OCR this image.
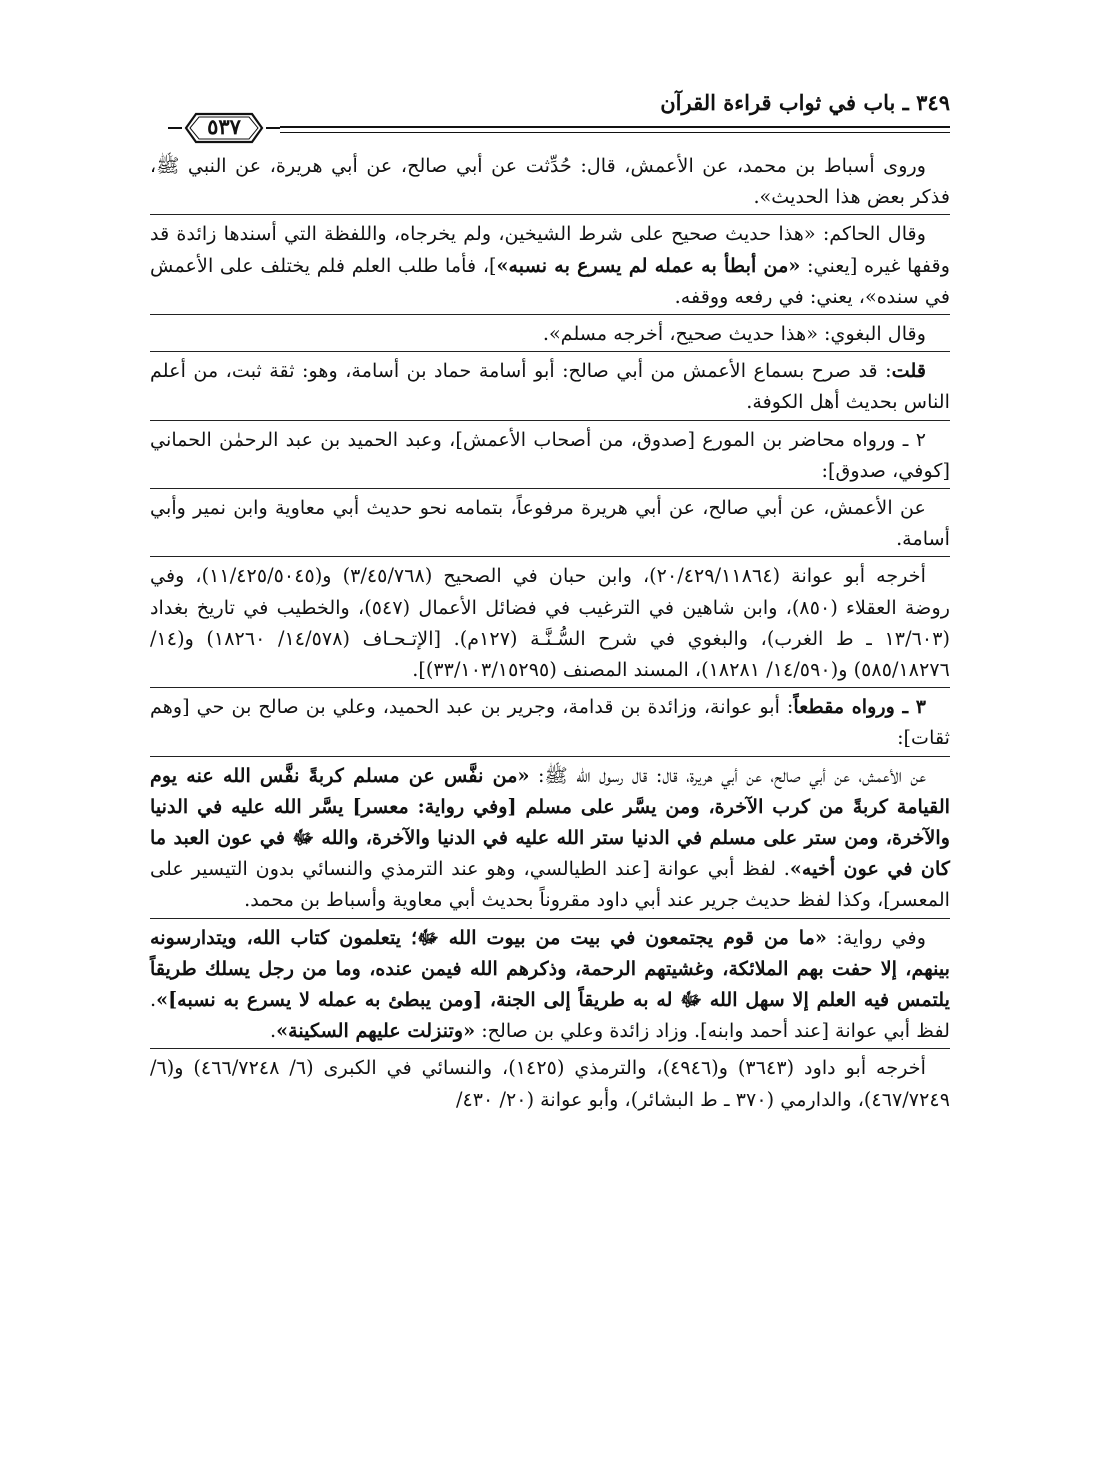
٣٤٩ ـ باب في ثواب قراءة القرآن
٥٣٧

وروى أسباط بن محمد، عن الأعمش، قال: حُدِّثت عن أبي صالح، عن أبي هريرة، عن النبي ﷺ، فذكر بعض هذا الحديث».

وقال الحاكم: «هذا حديث صحيح على شرط الشيخين، ولم يخرجاه، واللفظة التي أسندها زائدة قد وقفها غيره [يعني: «من أبطأ به عمله لم يسرع به نسبه»]، فأما طلب العلم فلم يختلف على الأعمش في سنده»، يعني: في رفعه ووقفه.

وقال البغوي: «هذا حديث صحيح، أخرجه مسلم».

قلت: قد صرح بسماع الأعمش من أبي صالح: أبو أسامة حماد بن أسامة، وهو: ثقة ثبت، من أعلم الناس بحديث أهل الكوفة.

٢ ـ ورواه محاضر بن المورع [صدوق، من أصحاب الأعمش]، وعبد الحميد بن عبد الرحمٰن الحماني [كوفي، صدوق]:

عن الأعمش، عن أبي صالح، عن أبي هريرة مرفوعاً، بتمامه نحو حديث أبي معاوية وابن نمير وأبي أسامة.

أخرجه أبو عوانة (٢٠/٤٢٩/١١٨٦٤)، وابن حبان في الصحيح (٣/٤٥/٧٦٨) و(١١/٤٢٥/٥٠٤٥)، وفي روضة العقلاء (٨٥٠)، وابن شاهين في الترغيب في فضائل الأعمال (٥٤٧)، والخطيب في تاريخ بغداد (١٣/٦٠٣ ـ ط الغرب)، والبغوي في شرح السُّـنَّـة (١٢٧م). [الإتـحـاف (١٤/٥٧٨/ ١٨٢٦٠) و(١٤/ ٥٨٥/١٨٢٧٦) و(١٤/٥٩٠/ ١٨٢٨١)، المسند المصنف (٣٣/١٠٣/١٥٢٩٥)].

٣ ـ ورواه مقطعاً: أبو عوانة، وزائدة بن قدامة، وجرير بن عبد الحميد، وعلي بن صالح بن حي [وهم ثقات]:

عن الأعمش، عن أبي صالح، عن أبي هريرة، قال: قال رسول الله ﷺ: «من نفَّس عن مسلم كربةً نفَّس الله عنه يوم القيامة كربةً من كرب الآخرة، ومن يسَّر على مسلم [وفي رواية: معسر] يسَّر الله عليه في الدنيا والآخرة، ومن ستر على مسلم في الدنيا ستر الله عليه في الدنيا والآخرة، والله ﷻ في عون العبد ما كان في عون أخيه». لفظ أبي عوانة [عند الطيالسي، وهو عند الترمذي والنسائي بدون التيسير على المعسر]، وكذا لفظ حديث جرير عند أبي داود مقروناً بحديث أبي معاوية وأسباط بن محمد.

وفي رواية: «ما من قوم يجتمعون في بيت من بيوت الله ﷻ؛ يتعلمون كتاب الله، ويتدارسونه بينهم، إلا حفت بهم الملائكة، وغشيتهم الرحمة، وذكرهم الله فيمن عنده، وما من رجل يسلك طريقاً يلتمس فيه العلم إلا سهل الله ﷻ له به طريقاً إلى الجنة، [ومن يبطئ به عمله لا يسرع به نسبه]». لفظ أبي عوانة [عند أحمد وابنه]. وزاد زائدة وعلي بن صالح: «وتنزلت عليهم السكينة».

أخرجه أبو داود (٣٦٤٣) و(٤٩٤٦)، والترمذي (١٤٢٥)، والنسائي في الكبرى (٦/ ٤٦٦/٧٢٤٨) و(٦/ ٤٦٧/٧٢٤٩)، والدارمي (٣٧٠ ـ ط البشائر)، وأبو عوانة (٢٠/ ٤٣٠/
